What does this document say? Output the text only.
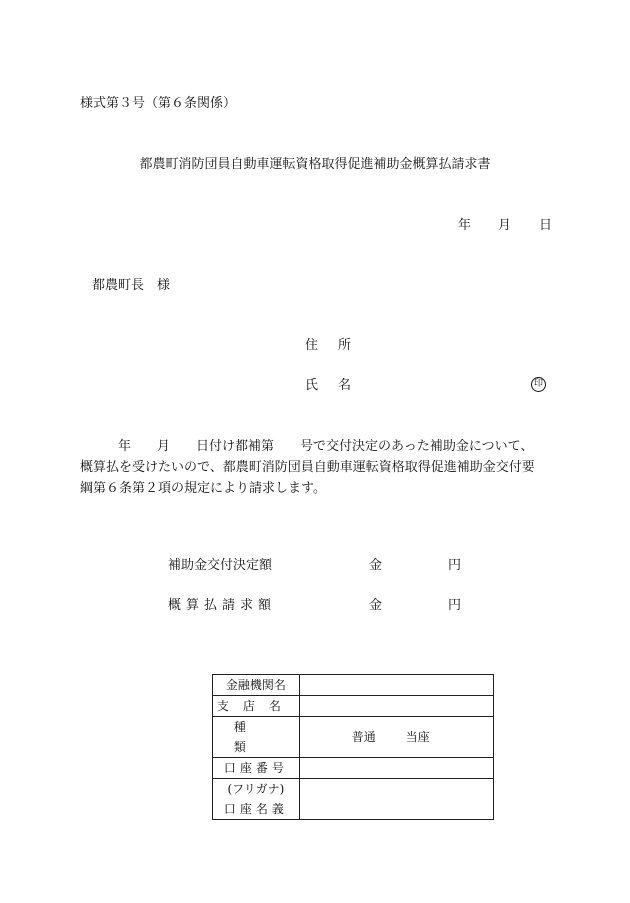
様式第３号（第６条関係）
都農町消防団員自動車運転資格取得促進補助金概算払請求書
年 月 日
都農町長　様
住所
氏名	印
年　　月　　日付け都補第　　号で交付決定のあった補助金について、
概算払を受けたいので、都農町消防団員自動車運転資格取得促進補助金交付要
綱第６条第２項の規定により請求します。
補助金交付決定額	金	円
概算払請求額	金	円
金融機関名	
支店名	
種類	普通 当座
口座番号	

(フリガナ)
口座名義	
